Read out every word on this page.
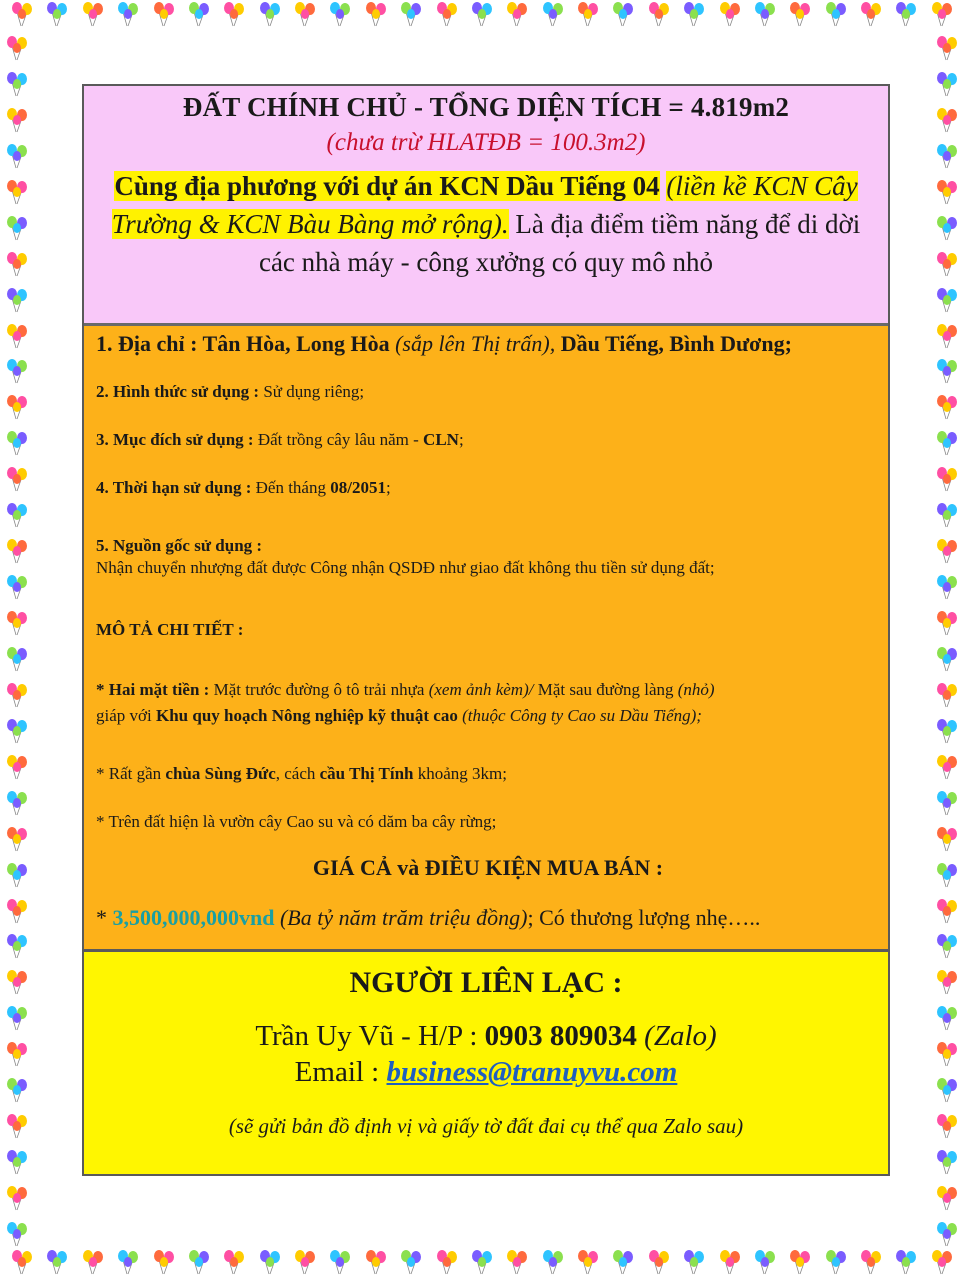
ĐẤT CHÍNH CHỦ - TỔNG DIỆN TÍCH = 4.819m2
(chưa trừ HLATĐB = 100.3m2)
Cùng địa phương với dự án KCN Dầu Tiếng 04 (liền kề KCN Cây Trường & KCN Bàu Bàng mở rộng). Là địa điểm tiềm năng để di dời các nhà máy - công xưởng có quy mô nhỏ
1. Địa chỉ : Tân Hòa, Long Hòa (sắp lên Thị trấn), Dầu Tiếng, Bình Dương;
2. Hình thức sử dụng : Sử dụng riêng;
3. Mục đích sử dụng : Đất trồng cây lâu năm - CLN;
4. Thời hạn sử dụng : Đến tháng 08/2051;
5. Nguồn gốc sử dụng :
Nhận chuyển nhượng đất được Công nhận QSDĐ như giao đất không thu tiền sử dụng đất;
MÔ TẢ CHI TIẾT :
* Hai mặt tiền : Mặt trước đường ô tô trải nhựa (xem ảnh kèm)/ Mặt sau đường làng (nhỏ)
giáp với Khu quy hoạch Nông nghiệp kỹ thuật cao (thuộc Công ty Cao su Dầu Tiếng);
* Rất gần chùa Sùng Đức, cách cầu Thị Tính khoảng 3km;
* Trên đất hiện là vườn cây Cao su và có dăm ba cây rừng;
GIÁ CẢ và ĐIỀU KIỆN MUA BÁN :
* 3,500,000,000vnd (Ba tỷ năm trăm triệu đồng); Có thương lượng nhẹ…..
NGƯỜI LIÊN LẠC :
Trần Uy Vũ - H/P : 0903 809034 (Zalo)
Email : business@tranuyvu.com
(sẽ gửi bản đồ định vị và giấy tờ đất đai cụ thể qua Zalo sau)
